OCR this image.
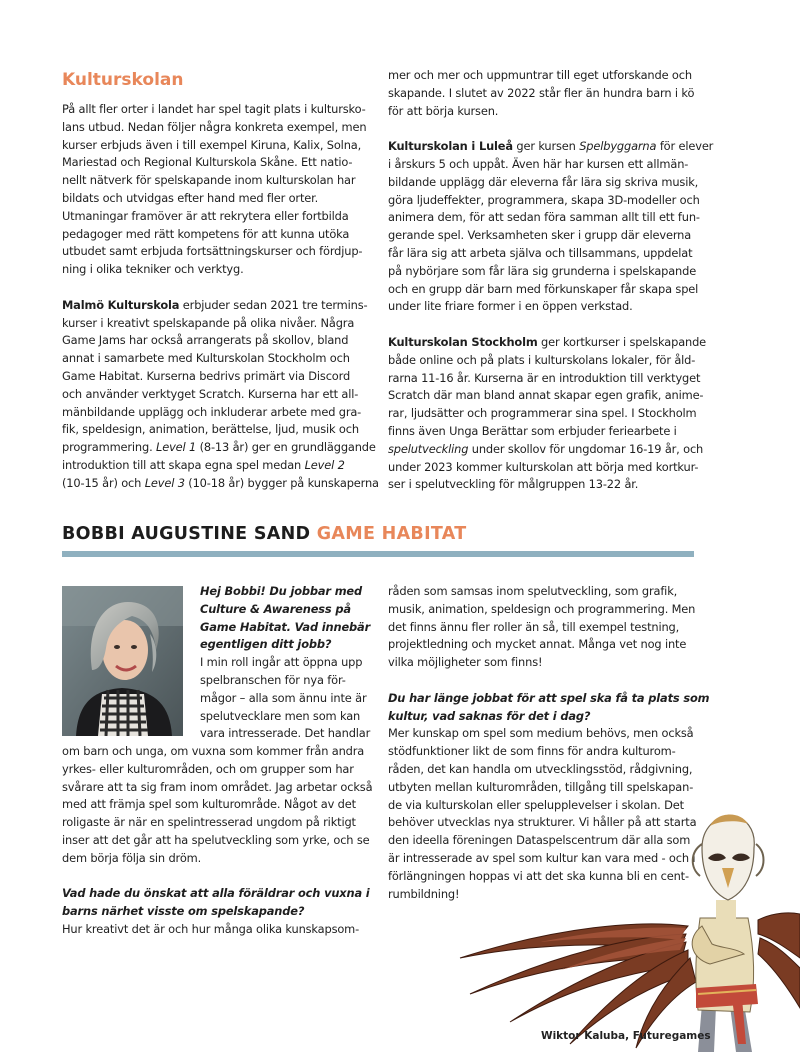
Kulturskolan

På allt fler orter i landet har spel tagit plats i kultursko-

lans utbud. Nedan följer några konkreta exempel, men

kurser erbjuds även i till exempel Kiruna, Kalix, Solna,

Mariestad och Regional Kulturskola Skåne. Ett natio-

nellt nätverk för spelskapande inom kulturskolan har

bildats och utvidgas efter hand med fler orter.

Utmaningar framöver är att rekrytera eller fortbilda

pedagoger med rätt kompetens för att kunna utöka

utbudet samt erbjuda fortsättningskurser och fördjup-

ning i olika tekniker och verktyg.

Malmö Kulturskola erbjuder sedan 2021 tre termins-

kurser i kreativt spelskapande på olika nivåer. Några

Game Jams har också arrangerats på skollov, bland

annat i samarbete med Kulturskolan Stockholm och

Game Habitat. Kurserna bedrivs primärt via Discord

och använder verktyget Scratch. Kurserna har ett all-

mänbildande upplägg och inkluderar arbete med gra-

fik, speldesign, animation, berättelse, ljud, musik och

programmering. Level 1 (8-13 år) ger en grundläggande

introduktion till att skapa egna spel medan Level 2

(10-15 år) och Level 3 (10-18 år) bygger på kunskaperna

mer och mer och uppmuntrar till eget utforskande och

skapande. I slutet av 2022 står fler än hundra barn i kö

för att börja kursen.

Kulturskolan i Luleå ger kursen Spelbyggarna för elever

i årskurs 5 och uppåt. Även här har kursen ett allmän-

bildande upplägg där eleverna får lära sig skriva musik,

göra ljudeffekter, programmera, skapa 3D-modeller och

animera dem, för att sedan föra samman allt till ett fun-

gerande spel. Verksamheten sker i grupp där eleverna

får lära sig att arbeta själva och tillsammans, uppdelat

på nybörjare som får lära sig grunderna i spelskapande

och en grupp där barn med förkunskaper får skapa spel

under lite friare former i en öppen verkstad.

Kulturskolan Stockholm ger kortkurser i spelskapande

både online och på plats i kulturskolans lokaler, för åld-

rarna 11-16 år. Kurserna är en introduktion till verktyget

Scratch där man bland annat skapar egen grafik, anime-

rar, ljudsätter och programmerar sina spel. I Stockholm

finns även Unga Berättar som erbjuder feriearbete i

spelutveckling under skollov för ungdomar 16-19 år, och

under 2023 kommer kulturskolan att börja med kortkur-

ser i spelutveckling för målgruppen 13-22 år.

BOBBI AUGUSTINE SAND GAME HABITAT

Hej Bobbi! Du jobbar med

Culture & Awareness på

Game Habitat. Vad innebär

egentligen ditt jobb?

I min roll ingår att öppna upp

spelbranschen för nya för-

mågor – alla som ännu inte är

spelutvecklare men som kan

vara intresserade. Det handlar

om barn och unga, om vuxna som kommer från andra

yrkes- eller kulturområden, och om grupper som har

svårare att ta sig fram inom området. Jag arbetar också

med att främja spel som kulturområde. Något av det

roligaste är när en spelintresserad ungdom på riktigt

inser att det går att ha spelutveckling som yrke, och se

dem börja följa sin dröm.

Vad hade du önskat att alla föräldrar och vuxna i

barns närhet visste om spelskapande?

Hur kreativt det är och hur många olika kunskapsom-

råden som samsas inom spelutveckling, som grafik,

musik, animation, speldesign och programmering. Men

det finns ännu fler roller än så, till exempel testning,

projektledning och mycket annat. Många vet nog inte

vilka möjligheter som finns!

Du har länge jobbat för att spel ska få ta plats som

kultur, vad saknas för det i dag?

Mer kunskap om spel som medium behövs, men också

stödfunktioner likt de som finns för andra kulturom-

råden, det kan handla om utvecklingsstöd, rådgivning,

utbyten mellan kulturområden, tillgång till spelskapan-

de via kulturskolan eller spelupplevelser i skolan. Det

behöver utvecklas nya strukturer. Vi håller på att starta

den ideella föreningen Dataspelscentrum där alla som

är intresserade av spel som kultur kan vara med - och i

förlängningen hoppas vi att det ska kunna bli en cent-

rumbildning!

Wiktor Kaluba, Futuregames
